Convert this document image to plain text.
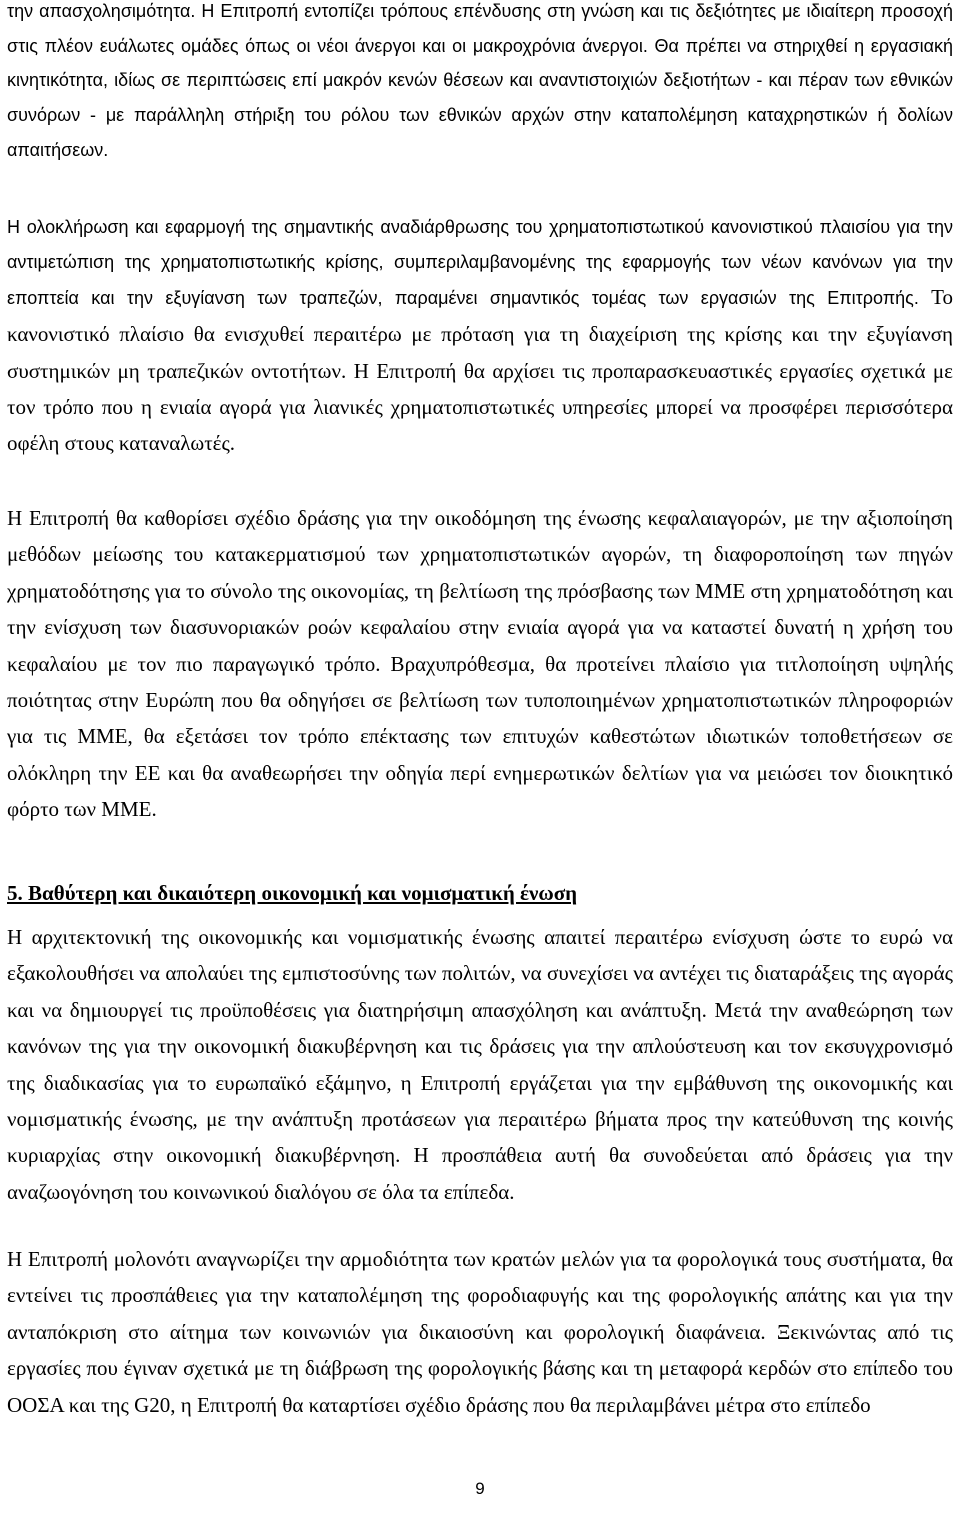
την απασχολησιμότητα. Η Επιτροπή εντοπίζει τρόπους επένδυσης στη γνώση και τις δεξιότητες με ιδιαίτερη προσοχή στις πλέον ευάλωτες ομάδες όπως οι νέοι άνεργοι και οι μακροχρόνια άνεργοι. Θα πρέπει να στηριχθεί η εργασιακή κινητικότητα, ιδίως σε περιπτώσεις επί μακρόν κενών θέσεων και αναντιστοιχιών δεξιοτήτων - και πέραν των εθνικών συνόρων - με παράλληλη στήριξη του ρόλου των εθνικών αρχών στην καταπολέμηση καταχρηστικών ή δολίων απαιτήσεων.

Η ολοκλήρωση και εφαρμογή της σημαντικής αναδιάρθρωσης του χρηματοπιστωτικού κανονιστικού πλαισίου για την αντιμετώπιση της χρηματοπιστωτικής κρίσης, συμπεριλαμβανομένης της εφαρμογής των νέων κανόνων για την εποπτεία και την εξυγίανση των τραπεζών, παραμένει σημαντικός τομέας των εργασιών της Επιτροπής. Το κανονιστικό πλαίσιο θα ενισχυθεί περαιτέρω με πρόταση για τη διαχείριση της κρίσης και την εξυγίανση συστημικών μη τραπεζικών οντοτήτων. Η Επιτροπή θα αρχίσει τις προπαρασκευαστικές εργασίες σχετικά με τον τρόπο που η ενιαία αγορά για λιανικές χρηματοπιστωτικές υπηρεσίες μπορεί να προσφέρει περισσότερα οφέλη στους καταναλωτές.

Η Επιτροπή θα καθορίσει σχέδιο δράσης για την οικοδόμηση της ένωσης κεφαλαιαγορών, με την αξιοποίηση μεθόδων μείωσης του κατακερματισμού των χρηματοπιστωτικών αγορών, τη διαφοροποίηση των πηγών χρηματοδότησης για το σύνολο της οικονομίας, τη βελτίωση της πρόσβασης των ΜΜΕ στη χρηματοδότηση και την ενίσχυση των διασυνοριακών ροών κεφαλαίου στην ενιαία αγορά για να καταστεί δυνατή η χρήση του κεφαλαίου με τον πιο παραγωγικό τρόπο. Βραχυπρόθεσμα, θα προτείνει πλαίσιο για τιτλοποίηση υψηλής ποιότητας στην Ευρώπη που θα οδηγήσει σε βελτίωση των τυποποιημένων χρηματοπιστωτικών πληροφοριών για τις ΜΜΕ, θα εξετάσει τον τρόπο επέκτασης των επιτυχών καθεστώτων ιδιωτικών τοποθετήσεων σε ολόκληρη την ΕΕ και θα αναθεωρήσει την οδηγία περί ενημερωτικών δελτίων για να μειώσει τον διοικητικό φόρτο των ΜΜΕ.

5. Βαθύτερη και δικαιότερη οικονομική και νομισματική ένωση

Η αρχιτεκτονική της οικονομικής και νομισματικής ένωσης απαιτεί περαιτέρω ενίσχυση ώστε το ευρώ να εξακολουθήσει να απολαύει της εμπιστοσύνης των πολιτών, να συνεχίσει να αντέχει τις διαταράξεις της αγοράς και να δημιουργεί τις προϋποθέσεις για διατηρήσιμη απασχόληση και ανάπτυξη. Μετά την αναθεώρηση των κανόνων της για την οικονομική διακυβέρνηση και τις δράσεις για την απλούστευση και τον εκσυγχρονισμό της διαδικασίας για το ευρωπαϊκό εξάμηνο, η Επιτροπή εργάζεται για την εμβάθυνση της οικονομικής και νομισματικής ένωσης, με την ανάπτυξη προτάσεων για περαιτέρω βήματα προς την κατεύθυνση της κοινής κυριαρχίας στην οικονομική διακυβέρνηση. Η προσπάθεια αυτή θα συνοδεύεται από δράσεις για την αναζωογόνηση του κοινωνικού διαλόγου σε όλα τα επίπεδα.

Η Επιτροπή μολονότι αναγνωρίζει την αρμοδιότητα των κρατών μελών για τα φορολογικά τους συστήματα, θα εντείνει τις προσπάθειες για την καταπολέμηση της φοροδιαφυγής και της φορολογικής απάτης και για την ανταπόκριση στο αίτημα των κοινωνιών για δικαιοσύνη και φορολογική διαφάνεια. Ξεκινώντας από τις εργασίες που έγιναν σχετικά με τη διάβρωση της φορολογικής βάσης και τη μεταφορά κερδών στο επίπεδο του ΟΟΣΑ και της G20, η Επιτροπή θα καταρτίσει σχέδιο δράσης που θα περιλαμβάνει μέτρα στο επίπεδο

9
